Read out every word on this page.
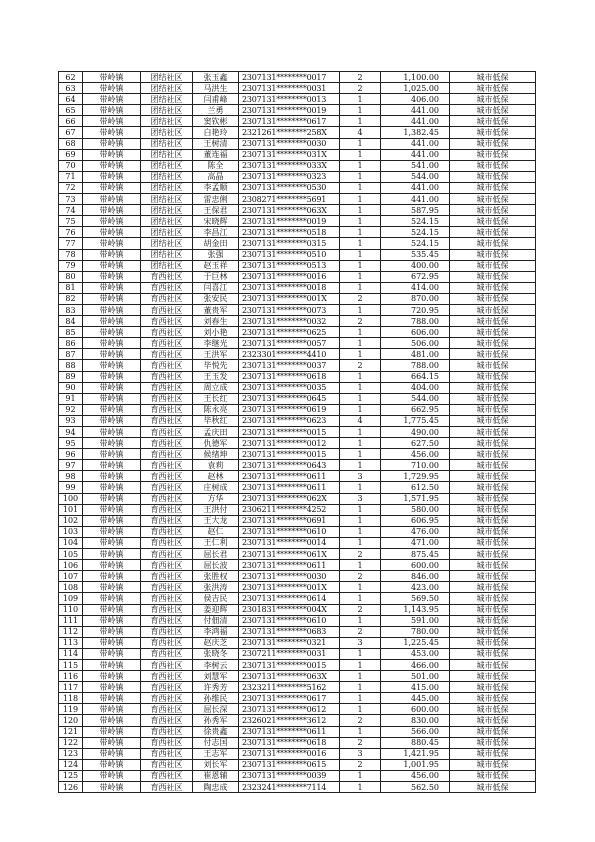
62	带岭镇	团结社区	张玉鑫	2307131********0017	2	1,100.00	城市低保
63	带岭镇	团结社区	马洪生	2307131********0031	2	1,025.00	城市低保
64	带岭镇	团结社区	闫甫峰	2307131********0013	1	406.00	城市低保
65	带岭镇	团结社区	兰勇	2307131********0019	1	441.00	城市低保
66	带岭镇	团结社区	窦钦彬	2307131********0617	1	441.00	城市低保
67	带岭镇	团结社区	白艳玲	2321261********258X	4	1,382.45	城市低保
68	带岭镇	团结社区	王树清	2307131********0030	1	441.00	城市低保
69	带岭镇	团结社区	董连福	2307131********031X	1	441.00	城市低保
70	带岭镇	团结社区	陈全	2307131********033X	1	541.00	城市低保
71	带岭镇	团结社区	高晶	2307131********0323	1	544.00	城市低保
72	带岭镇	团结社区	李孟顺	2307131********0530	1	441.00	城市低保
73	带岭镇	团结社区	雷忠俐	2308271********5691	1	441.00	城市低保
74	带岭镇	团结社区	王保君	2307131********063X	1	587.95	城市低保
75	带岭镇	团结社区	宋晓辉	2307131********0019	1	524.15	城市低保
76	带岭镇	团结社区	李昌江	2307131********0518	1	524.15	城市低保
77	带岭镇	团结社区	胡金田	2307131********0315	1	524.15	城市低保
78	带岭镇	团结社区	张强	2307131********0510	1	535.45	城市低保
79	带岭镇	团结社区	赵玉祥	2307131********0513	1	400.00	城市低保
80	带岭镇	育西社区	于巨林	2307131********0016	1	672.95	城市低保
81	带岭镇	育西社区	闫喜江	2307131********0018	1	414.00	城市低保
82	带岭镇	育西社区	张安民	2307131********001X	2	870.00	城市低保
83	带岭镇	育西社区	董贵军	2307131********0073	1	720.95	城市低保
84	带岭镇	育西社区	刘春生	2307131********0032	2	788.00	城市低保
85	带岭镇	育西社区	刘小艳	2307131********0625	1	606.00	城市低保
86	带岭镇	育西社区	李继光	2307131********0057	1	506.00	城市低保
87	带岭镇	育西社区	王洪军	2323301********4410	1	481.00	城市低保
88	带岭镇	育西社区	毕悦先	2307131********0037	2	788.00	城市低保
89	带岭镇	育西社区	王玉发	2307131********0618	1	664.15	城市低保
90	带岭镇	育西社区	周立成	2307131********0035	1	404.00	城市低保
91	带岭镇	育西社区	王长红	2307131********0645	1	544.00	城市低保
92	带岭镇	育西社区	陈永亮	2307131********0619	1	662.95	城市低保
93	带岭镇	育西社区	毕秋红	2307131********0623	4	1,775.45	城市低保
94	带岭镇	育西社区	孟庆田	2307131********0015	1	490.00	城市低保
95	带岭镇	育西社区	仇德军	2307131********0012	1	627.50	城市低保
96	带岭镇	育西社区	候绪坤	2307131********0015	1	456.00	城市低保
97	带岭镇	育西社区	袁莉	2307131********0643	1	710.00	城市低保
98	带岭镇	育西社区	赵林	2307131********0611	3	1,729.95	城市低保
99	带岭镇	育西社区	庄树成	2307131********0611	1	612.50	城市低保
100	带岭镇	育西社区	方华	2307131********062X	3	1,571.95	城市低保
101	带岭镇	育西社区	王洪付	2306211********4252	1	580.00	城市低保
102	带岭镇	育西社区	王大龙	2307131********0691	1	606.95	城市低保
103	带岭镇	育西社区	赵仁	2307131********0610	1	476.00	城市低保
104	带岭镇	育西社区	王仁利	2307131********0014	1	471.00	城市低保
105	带岭镇	育西社区	屈长君	2307131********061X	2	875.45	城市低保
106	带岭镇	育西社区	屈长波	2307131********0611	1	600.00	城市低保
107	带岭镇	育西社区	张胜权	2307131********0030	2	846.00	城市低保
108	带岭镇	育西社区	张洪涛	2307131********001X	1	423.00	城市低保
109	带岭镇	育西社区	侯吉民	2307131********0614	1	569.50	城市低保
110	带岭镇	育西社区	姜迎辉	2301831********004X	2	1,143.95	城市低保
111	带岭镇	育西社区	付佃清	2307131********0610	1	591.00	城市低保
112	带岭镇	育西社区	李鸿福	2307131********0683	2	780.00	城市低保
113	带岭镇	育西社区	赵庆芝	2307131********0321	3	1,225.45	城市低保
114	带岭镇	育西社区	张晓冬	2307211********0031	1	453.00	城市低保
115	带岭镇	育西社区	李树云	2307131********0015	1	466.00	城市低保
116	带岭镇	育西社区	刘慧军	2307131********063X	1	501.00	城市低保
117	带岭镇	育西社区	许秀芳	2323211********5162	1	415.00	城市低保
118	带岭镇	育西社区	孙维民	2307131********0617	1	445.00	城市低保
119	带岭镇	育西社区	屈长深	2307131********0612	1	600.00	城市低保
120	带岭镇	育西社区	孙秀军	2326021********3612	2	830.00	城市低保
121	带岭镇	育西社区	徐贵鑫	2307131********0611	1	566.00	城市低保
122	带岭镇	育西社区	付志国	2307131********0618	2	880.45	城市低保
123	带岭镇	育西社区	王志军	2307131********0016	3	1,421.95	城市低保
124	带岭镇	育西社区	刘长军	2307131********0615	2	1,001.95	城市低保
125	带岭镇	育西社区	崔恩辅	2307131********0039	1	456.00	城市低保
126	带岭镇	育西社区	陶忠成	2323241********7114	1	562.50	城市低保
